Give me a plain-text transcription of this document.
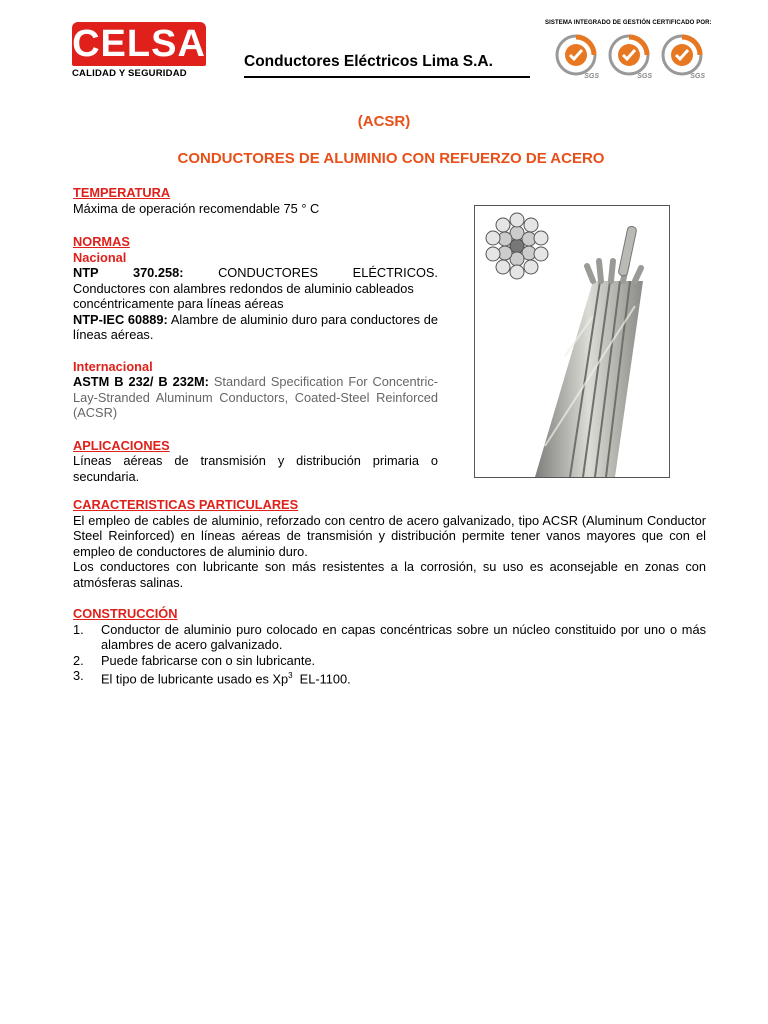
CELSA
CALIDAD Y SEGURIDAD
Conductores Eléctricos Lima S.A.
SISTEMA INTEGRADO DE GESTIÓN CERTIFICADO POR:
SGS	SGS	SGS
(ACSR)
CONDUCTORES DE ALUMINIO CON REFUERZO DE ACERO
TEMPERATURA
Máxima de operación recomendable 75 ° C
NORMAS
Nacional
NTP 370.258:	CONDUCTORES ELÉCTRICOS.
Conductores con alambres redondos de aluminio cableados concéntricamente para líneas aéreas
NTP-IEC 60889: Alambre de aluminio duro para conductores de líneas aéreas.
Internacional
ASTM B 232/ B 232M: Standard Specification For Concentric-Lay-Stranded Aluminum Conductors, Coated-Steel Reinforced (ACSR)
APLICACIONES
Líneas aéreas de transmisión y distribución primaria o secundaria.
CARACTERISTICAS PARTICULARES
El empleo de cables de aluminio, reforzado con centro de acero galvanizado, tipo ACSR (Aluminum Conductor Steel Reinforced) en líneas aéreas de transmisión y distribución permite tener vanos mayores que con el empleo de conductores de aluminio duro.
Los conductores con lubricante son más resistentes a la corrosión, su uso es aconsejable en zonas con atmósferas salinas.
CONSTRUCCIÓN
1.	Conductor de aluminio puro colocado en capas concéntricas sobre un núcleo constituido por uno o más alambres de acero galvanizado.
2.	Puede fabricarse con o sin lubricante.
3.	El tipo de lubricante usado es Xp$^3$  EL-1100.
